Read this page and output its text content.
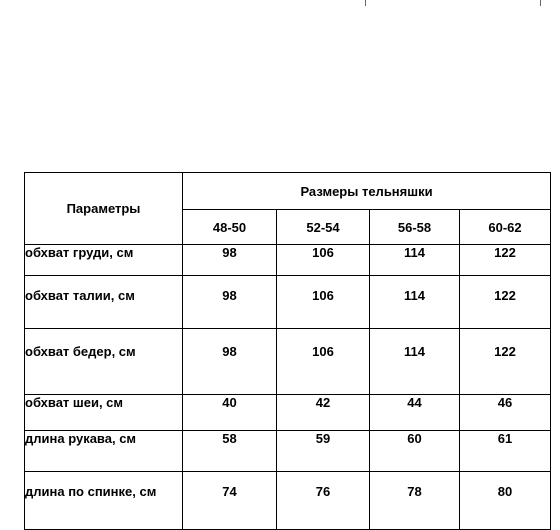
Параметры	Размеры тельняшки			
	48-50	52-54	56-58	60-62
обхват груди, см	98	106	114	122
обхват талии, см	98	106	114	122
обхват бедер, см	98	106	114	122
обхват шеи, см	40	42	44	46
длина рукава, см	58	59	60	61
длина по спинке, см	74	76	78	80
